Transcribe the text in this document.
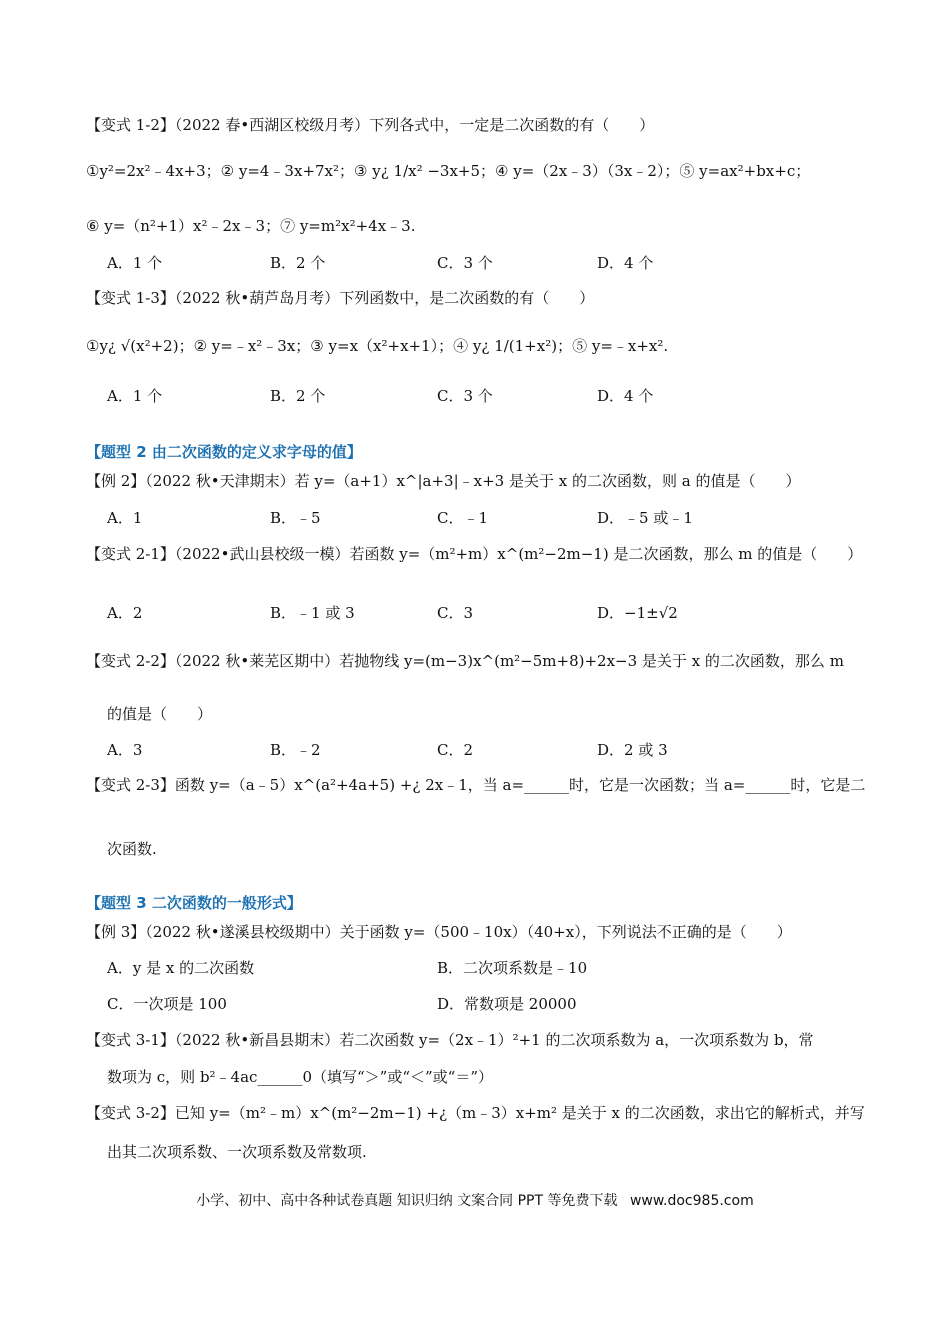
【变式 1-2】（2022 春•西湖区校级月考）下列各式中，一定是二次函数的有（　　）
①y²=2x²﹣4x+3；② y=4﹣3x+7x²；③ y¿ 1/x² −3x+5；④ y=（2x﹣3）（3x﹣2）；⑤ y=ax²+bx+c；
⑥ y=（n²+1）x²﹣2x﹣3；⑦ y=m²x²+4x﹣3.
A．1 个	B．2 个	C．3 个	D．4 个
【变式 1-3】（2022 秋•葫芦岛月考）下列函数中，是二次函数的有（　　）
①y¿ √(x²+2)；② y=﹣x²﹣3x；③ y=x（x²+x+1）；④ y¿ 1/(1+x²)；⑤ y=﹣x+x².
A．1 个	B．2 个	C．3 个	D．4 个
【题型 2 由二次函数的定义求字母的值】
【例 2】（2022 秋•天津期末）若 y=（a+1）x^|a+3|﹣x+3 是关于 x 的二次函数，则 a 的值是（　　）
A．1	B．﹣5	C．﹣1	D．﹣5 或﹣1
【变式 2-1】（2022•武山县校级一模）若函数 y=（m²+m）x^(m²−2m−1) 是二次函数，那么 m 的值是（　　）
A．2	B．﹣1 或 3	C．3	D．−1±√2
【变式 2-2】（2022 秋•莱芜区期中）若抛物线 y=(m−3)x^(m²−5m+8)+2x−3 是关于 x 的二次函数，那么 m
的值是（　　）
A．3	B．﹣2	C．2	D．2 或 3
【变式 2-3】函数 y=（a﹣5）x^(a²+4a+5) +¿ 2x﹣1，当 a=______时，它是一次函数；当 a=______时，它是二
次函数.
【题型 3 二次函数的一般形式】
【例 3】（2022 秋•遂溪县校级期中）关于函数 y=（500﹣10x）（40+x），下列说法不正确的是（　　）
A．y 是 x 的二次函数	B．二次项系数是﹣10
C．一次项是 100	D．常数项是 20000
【变式 3-1】（2022 秋•新昌县期末）若二次函数 y=（2x﹣1）²+1 的二次项系数为 a，一次项系数为 b，常
数项为 c，则 b²﹣4ac______0（填写“＞”或“＜”或“＝”）
【变式 3-2】已知 y=（m²﹣m）x^(m²−2m−1) +¿（m﹣3）x+m² 是关于 x 的二次函数，求出它的解析式，并写
出其二次项系数、一次项系数及常数项.
小学、初中、高中各种试卷真题 知识归纳 文案合同 PPT 等免费下载 www.doc985.com
